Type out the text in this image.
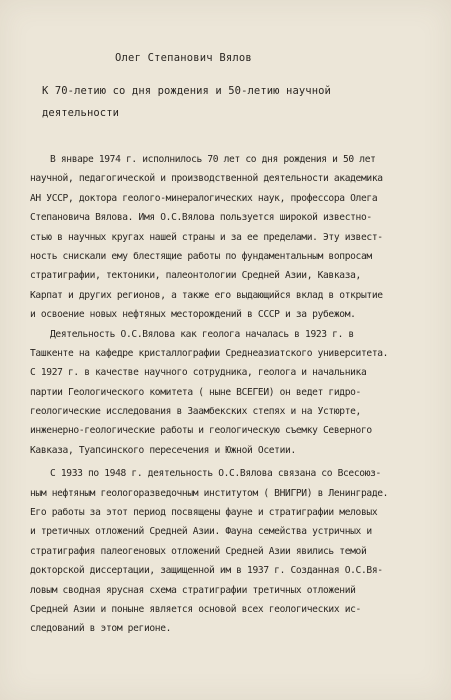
Олег Степанович Вялов
К 70-летию со дня рождения и 50-летию научной
деятельности
В январе 1974 г. исполнилось 70 лет со дня рождения и 50 лет
научной, педагогической и производственной деятельности академика
АН УССР, доктора геолого-минералогических наук, профессора Олега
Степановича Вялова. Имя О.С.Вялова пользуется широкой известно-
стью в научных кругах нашей страны и за ее пределами. Эту извест-
ность снискали ему блестящие работы по фундаментальным вопросам
стратиграфии, тектоники, палеонтологии Средней Азии, Кавказа,
Карпат и других регионов, а также его выдающийся вклад в открытие
и освоение новых нефтяных месторождений в СССР и за рубежом.
Деятельность О.С.Вялова как геолога началась в 1923 г. в
Ташкенте на кафедре кристаллографии Среднеазиатского университета.
С 1927 г. в качестве научного сотрудника, геолога и начальника
партии Геологического комитета ( ныне ВСЕГЕИ) он ведет гидро-
геологические исследования в Заамбекских степях и на Устюрте,
инженерно-геологические работы и геологическую съемку Северного
Кавказа, Туапсинского пересечения и Южной Осетии.
С 1933 по 1948 г. деятельность О.С.Вялова связана со Всесоюз-
ным нефтяным геологоразведочным институтом ( ВНИГРИ) в Ленинграде.
Его работы за этот период посвящены фауне и стратиграфии меловых
и третичных отложений Средней Азии. Фауна семейства устричных и
стратиграфия палеогеновых отложений Средней Азии явились темой
докторской диссертации, защищенной им в 1937 г. Созданная О.С.Вя-
ловым сводная ярусная схема стратиграфии третичных отложений
Средней Азии и поныне является основой всех геологических ис-
следований в этом регионе.
